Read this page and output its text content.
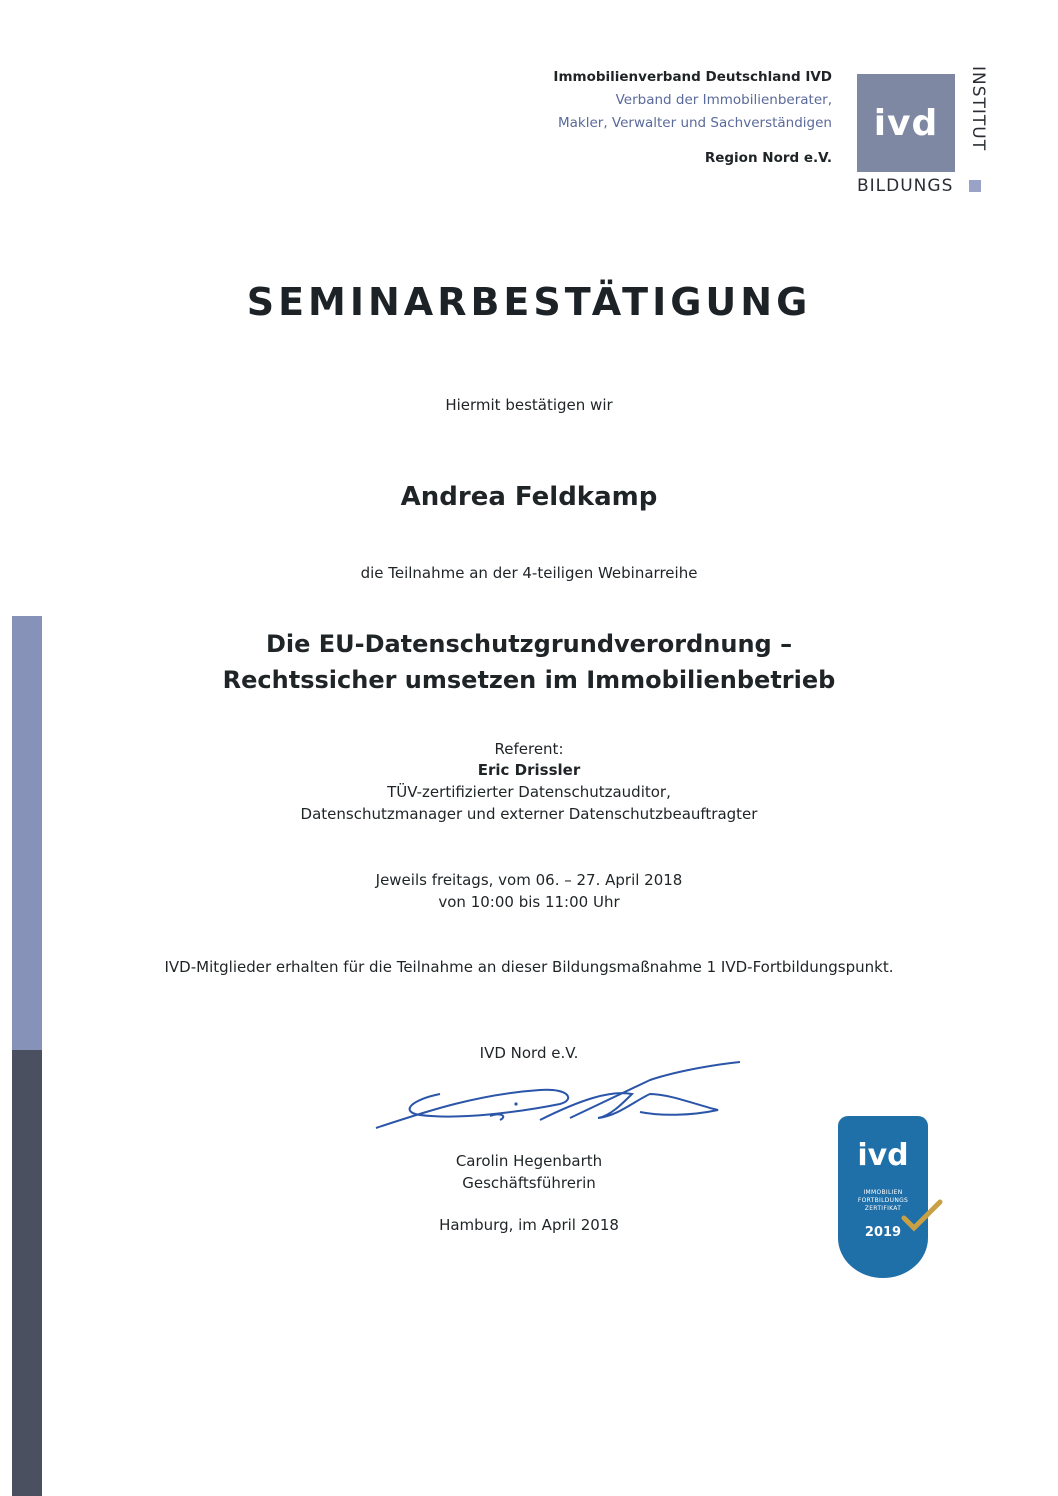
Immobilienverband Deutschland IVD
Verband der Immobilienberater,
Makler, Verwalter und Sachverständigen
Region Nord e.V.
ivd
BILDUNGS
INSTITUT
SEMINARBESTÄTIGUNG
Hiermit bestätigen wir
Andrea Feldkamp
die Teilnahme an der 4-teiligen Webinarreihe
Die EU-Datenschutzgrundverordnung –
Rechtssicher umsetzen im Immobilienbetrieb
Referent:
Eric Drissler
TÜV-zertifizierter Datenschutzauditor,
Datenschutzmanager und externer Datenschutzbeauftragter
Jeweils freitags, vom 06. – 27. April 2018
von 10:00 bis 11:00 Uhr
IVD-Mitglieder erhalten für die Teilnahme an dieser Bildungsmaßnahme 1 IVD-Fortbildungspunkt.
IVD Nord e.V.
Carolin Hegenbarth
Geschäftsführerin
Hamburg, im April 2018
ivd
IMMOBILIEN
FORTBILDUNGS
ZERTIFIKAT
2019
